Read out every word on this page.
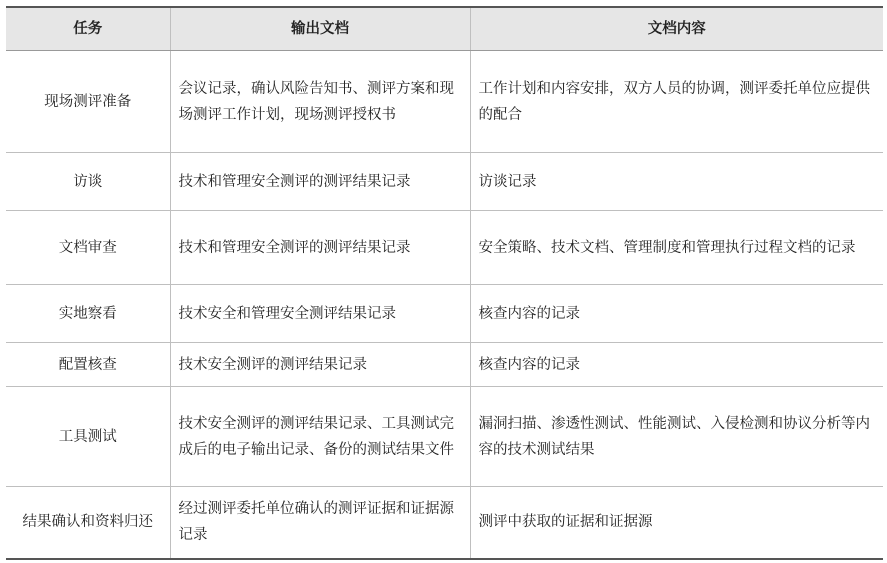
任务	输出文档	文档内容
现场测评准备	会议记录，确认风险告知书、测评方案和现场测评工作计划，现场测评授权书	工作计划和内容安排，双方人员的协调，测评委托单位应提供的配合
访谈	技术和管理安全测评的测评结果记录	访谈记录
文档审查	技术和管理安全测评的测评结果记录	安全策略、技术文档、管理制度和管理执行过程文档的记录
实地察看	技术安全和管理安全测评结果记录	核查内容的记录
配置核查	技术安全测评的测评结果记录	核查内容的记录
工具测试	技术安全测评的测评结果记录、工具测试完成后的电子输出记录、备份的测试结果文件	漏洞扫描、渗透性测试、性能测试、入侵检测和协议分析等内容的技术测试结果
结果确认和资料归还	经过测评委托单位确认的测评证据和证据源记录	测评中获取的证据和证据源
